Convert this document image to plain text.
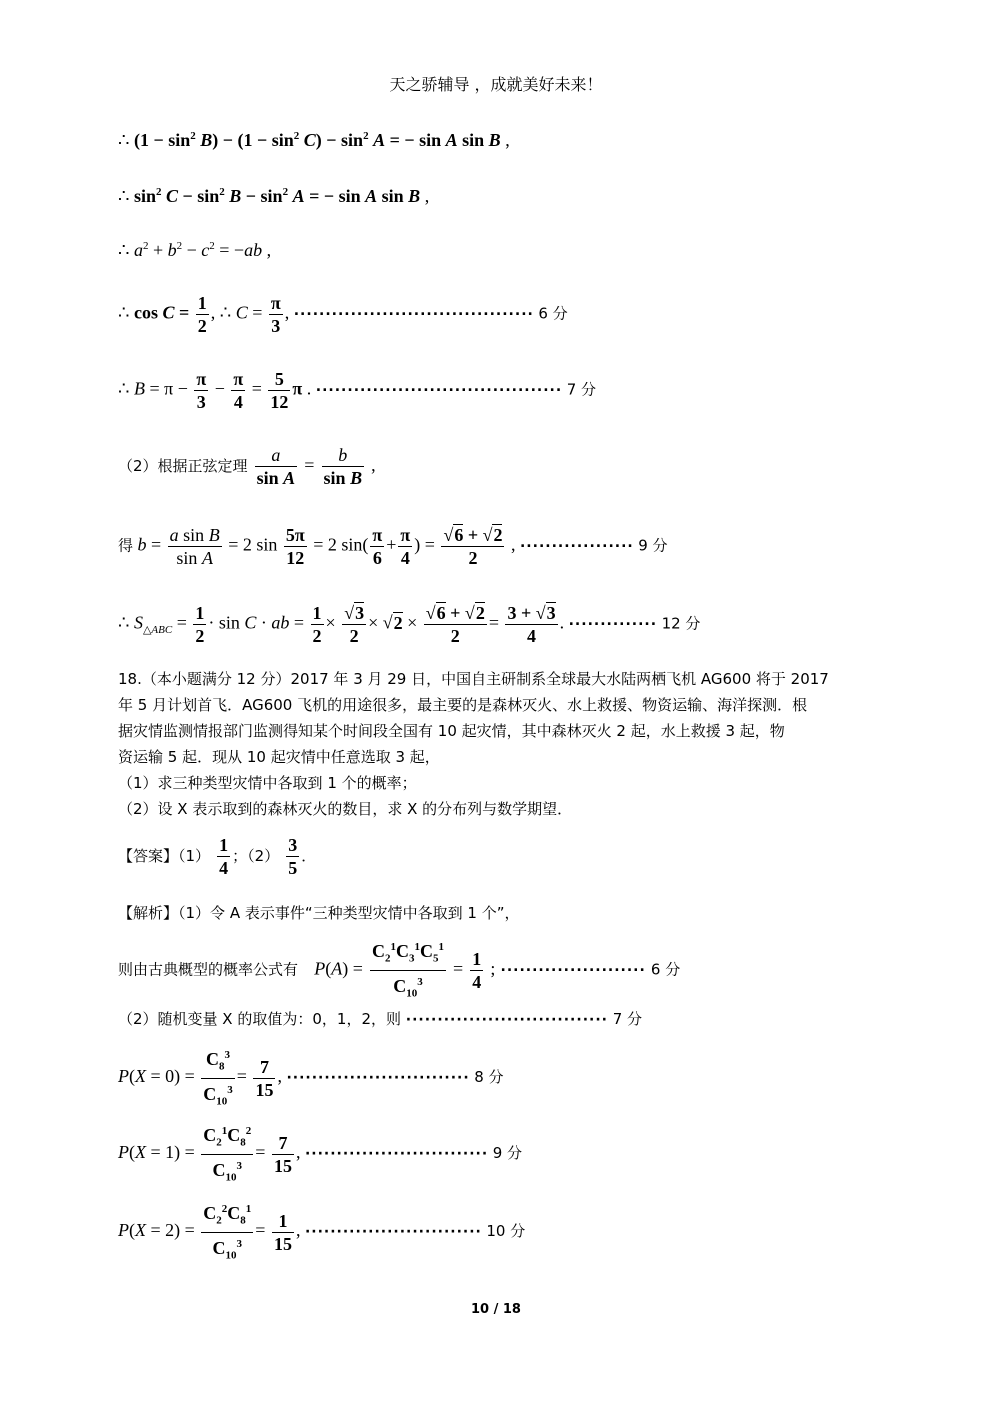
天之骄辅导 ，成就美好未来！
∴ $(1 - \sin^2 B) - (1 - \sin^2 C) - \sin^2 A$ = − sin A sin B ,
∴ $\sin^2 C - \sin^2 B - \sin^2 A$ = − sin A sin B ,
∴ $a^2 + b^2 - c^2 = -ab$ ,
∴ $\cos C = \frac{1}{2}$ , ∴ $C = \frac{\pi}{3}$ , ······································ 6 分
∴ $B = \pi - \frac{\pi}{3} - \frac{\pi}{4} = \frac{5}{12}$ π . ······································· 7 分
（2）根据正弦定理 $\frac{a}{\text{sin A}} = \frac{b}{\text{sin B}}$ ,
得 $b = \frac{\text{a sin B}}{\text{sin A}} = 2$ $\sin \frac{5\pi}{12} = 2$ $\sin( \frac{\pi}{6} + \frac{\pi}{4}$ ) = $\frac{√6 + √2}{2}$ , ·················· 9 分
∴ $S_{\triangle ABC} = \frac{1}{2} \cdot \sin C$ · ab = $\frac{1}{2} \times \frac{√3}{2} \times √2 \times \frac{√6 + √2}{2} = \frac{3 + √3}{4}$ . ·············· 12 分
18.（本小题满分 12 分）2017 年 3 月 29 日，中国自主研制系全球最大水陆两栖飞机 AG600 将于 2017
年 5 月计划首飞．AG600 飞机的用途很多，最主要的是森林灭火、水上救援、物资运输、海洋探测．根
据灾情监测情报部门监测得知某个时间段全国有 10 起灾情，其中森林灭火 2 起，水上救援 3 起，物
资运输 5 起．现从 10 起灾情中任意选取 3 起，
（1）求三种类型灾情中各取到 1 个的概率；
（2）设 X 表示取到的森林灭火的数目，求 X 的分布列与数学期望．
【答案】$(1) \frac{1}{4}$ ；$(2) \frac{3}{5}$ ．
【解析】（1）令 A 表示事件“三种类型灾情中各取到 1 个”，
则由古典概型的概率公式有 $P(A) = \frac{C_2^1C_3^1C_5^1}{C_{10}^3} = \frac{1}{4}$ ; ······················· 6 分
（2）随机变量 X 的取值为：0，1，2，则 ································ 7 分
$P(X = 0) = \frac{C_8^3}{C_{10}^3} = \frac{7}{15}$ , ····························· 8 分
$P(X = 1) = \frac{C_2^1C_8^2}{C_{10}^3} = \frac{7}{15}$ , ····························· 9 分
$P(X = 2) = \frac{C_2^2C_8^1}{C_{10}^3} = \frac{1}{15}$ , ···························· 10 分
10 / 18
